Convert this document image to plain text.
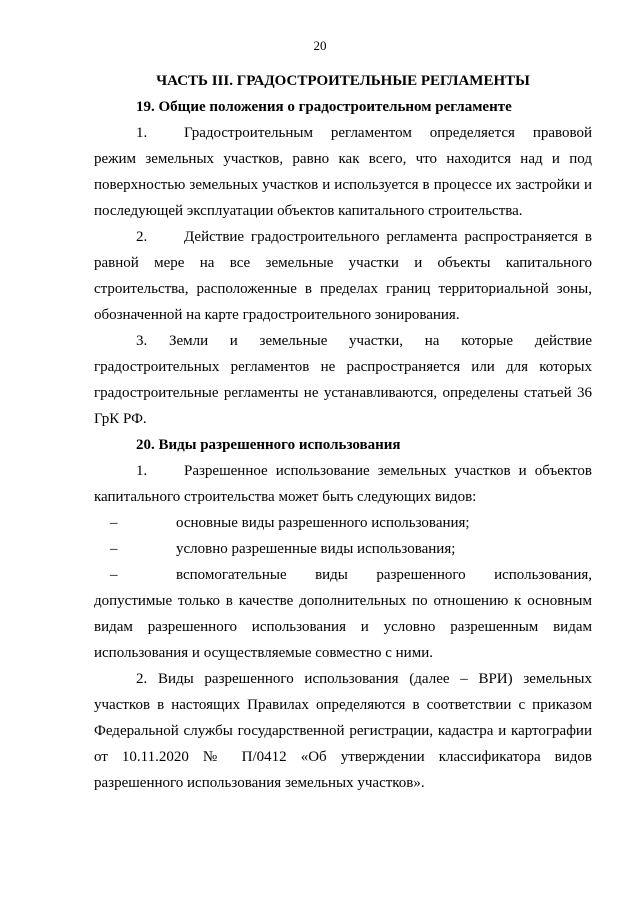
20

ЧАСТЬ III. ГРАДОСТРОИТЕЛЬНЫЕ РЕГЛАМЕНТЫ

19. Общие положения о градостроительном регламенте

1. Градостроительным регламентом определяется правовой режим земельных участков, равно как всего, что находится над и под поверхностью земельных участков и используется в процессе их застройки и последующей эксплуатации объектов капитального строительства.

2. Действие градостроительного регламента распространяется в равной мере на все земельные участки и объекты капитального строительства, расположенные в пределах границ территориальной зоны, обозначенной на карте градостроительного зонирования.

3. Земли и земельные участки, на которые действие градостроительных регламентов не распространяется или для которых градостроительные регламенты не устанавливаются, определены статьей 36 ГрК РФ.

20. Виды разрешенного использования

1. Разрешенное использование земельных участков и объектов капитального строительства может быть следующих видов:

–	основные виды разрешенного использования;

–	условно разрешенные виды использования;

–	вспомогательные виды разрешенного использования, допустимые только в качестве дополнительных по отношению к основным видам разрешенного использования и условно разрешенным видам использования и осуществляемые совместно с ними.

2. Виды разрешенного использования (далее – ВРИ) земельных участков в настоящих Правилах определяются в соответствии с приказом Федеральной службы государственной регистрации, кадастра и картографии от 10.11.2020 № П/0412 «Об утверждении классификатора видов разрешенного использования земельных участков».
